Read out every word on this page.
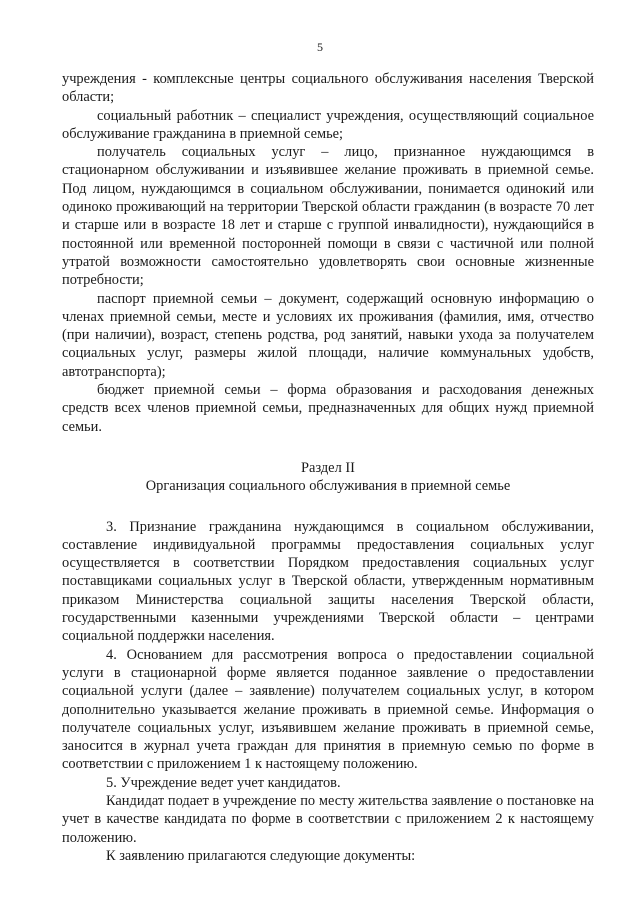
5

учреждения - комплексные центры социального обслуживания населения Тверской области;

социальный работник – специалист учреждения, осуществляющий социальное обслуживание гражданина в приемной семье;

получатель социальных услуг – лицо, признанное нуждающимся в стационарном обслуживании и изъявившее желание проживать в приемной семье. Под лицом, нуждающимся в социальном обслуживании, понимается одинокий или одиноко проживающий на территории Тверской области гражданин (в возрасте 70 лет и старше или в возрасте 18 лет и старше с группой инвалидности), нуждающийся в постоянной или временной посторонней помощи в связи с частичной или полной утратой возможности самостоятельно удовлетворять свои основные жизненные потребности;

паспорт приемной семьи – документ, содержащий основную информацию о членах приемной семьи, месте и условиях их проживания (фамилия, имя, отчество (при наличии), возраст, степень родства, род занятий, навыки ухода за получателем социальных услуг, размеры жилой площади, наличие коммунальных удобств, автотранспорта);

бюджет приемной семьи – форма образования и расходования денежных средств всех членов приемной семьи, предназначенных для общих нужд приемной семьи.

Раздел II

Организация социального обслуживания в приемной семье

3. Признание гражданина нуждающимся в социальном обслуживании, составление индивидуальной программы предоставления социальных услуг осуществляется в соответствии Порядком предоставления социальных услуг поставщиками социальных услуг в Тверской области, утвержденным нормативным приказом Министерства социальной защиты населения Тверской области, государственными казенными учреждениями Тверской области – центрами социальной поддержки населения.

4. Основанием для рассмотрения вопроса о предоставлении социальной услуги в стационарной форме является поданное заявление о предоставлении социальной услуги (далее – заявление) получателем социальных услуг, в котором дополнительно указывается желание проживать в приемной семье. Информация о получателе социальных услуг, изъявившем желание проживать в приемной семье, заносится в журнал учета граждан для принятия в приемную семью по форме в соответствии с приложением 1 к настоящему положению.

5. Учреждение ведет учет кандидатов.

Кандидат подает в учреждение по месту жительства заявление о постановке на учет в качестве кандидата по форме в соответствии с приложением 2 к настоящему положению.

К заявлению прилагаются следующие документы:
